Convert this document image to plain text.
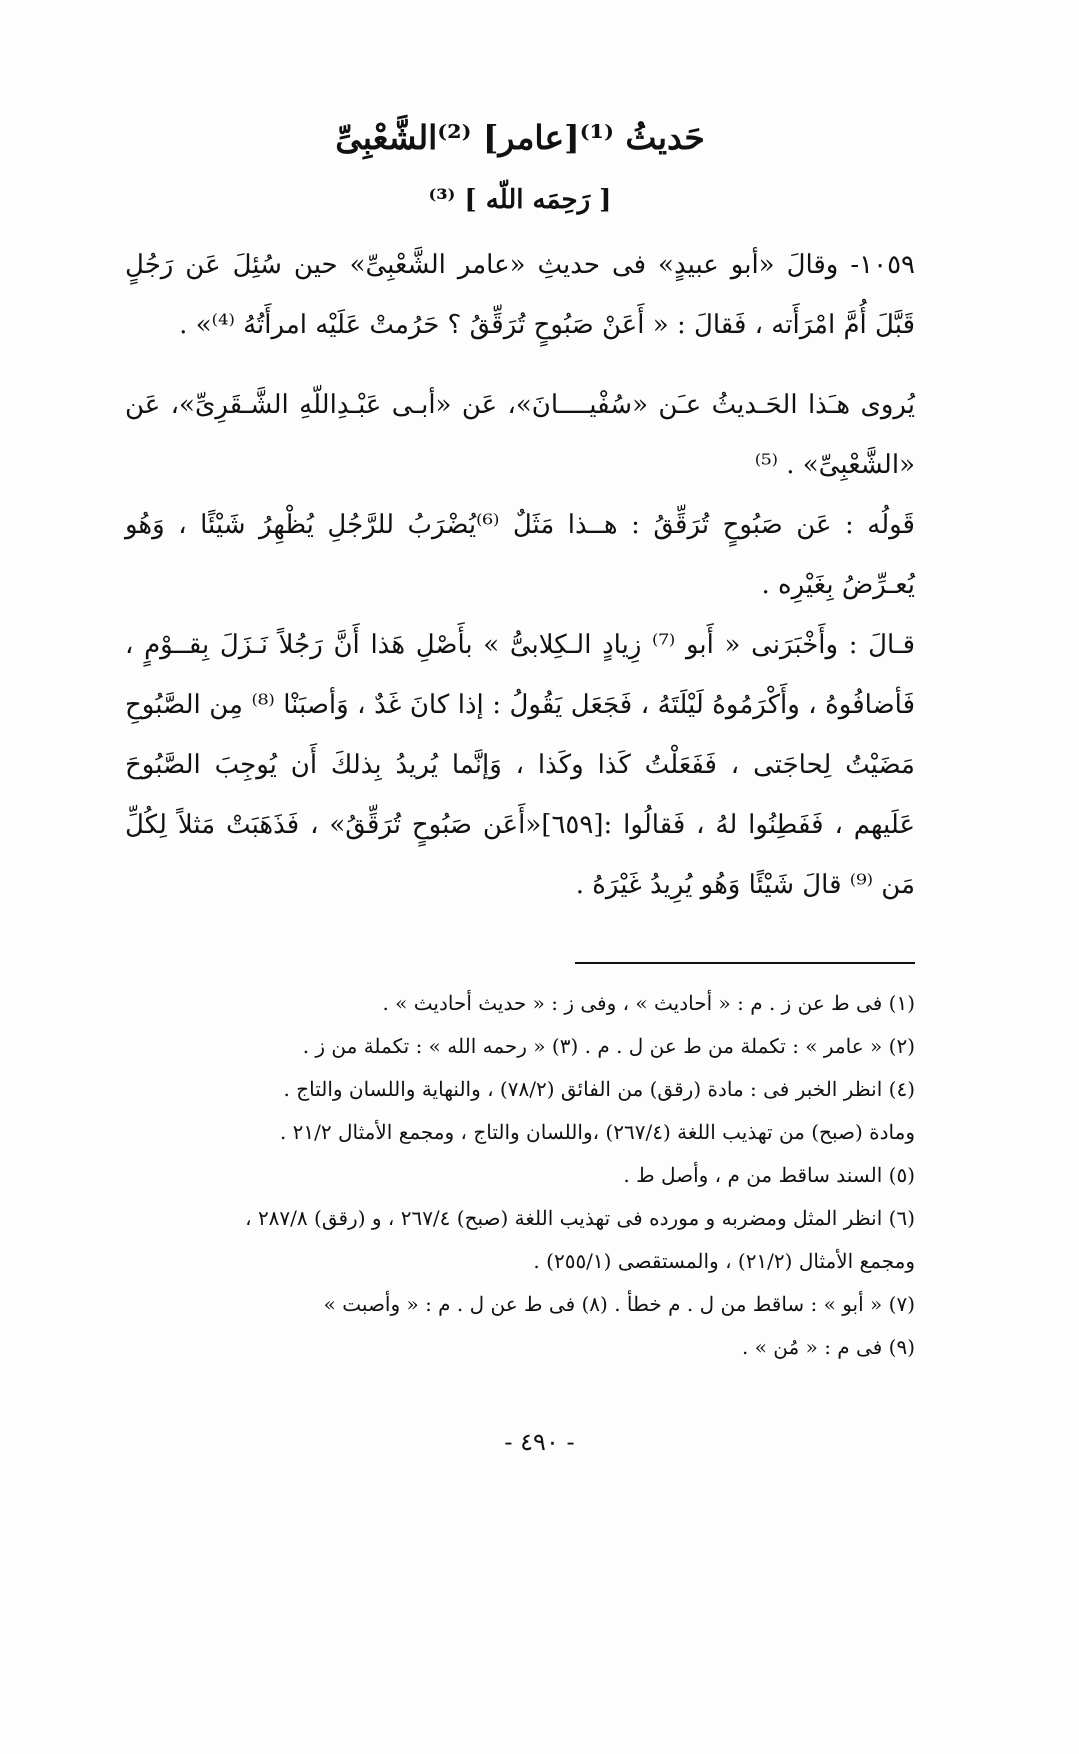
حَديثُ ⁽¹⁾[عامر] ⁽²⁾الشَّعْبِىِّ
[ رَحِمَه اللّه ] ⁽³⁾

١٠٥٩- وقالَ «أبو عبيدٍ» فى حديثِ «عامر الشَّعْبِىِّ» حين سُئِلَ عَن رَجُلٍ قَبَّلَ أُمَّ امْرَأَته ، فَقالَ : « أَعَنْ صَبُوحٍ تُرَقِّقُ ؟ حَرُمتْ عَلَيْه امرأَتُهُ ⁽⁴⁾» .

يُروى هـَذا الحَـديثُ عـَن «سُفْيــــانَ»، عَن «أبـى عَبْـدِاللّهِ الشَّـقَرِىِّ»، عَن «الشَّعْبِىِّ» . ⁽⁵⁾

قَولُه : عَن صَبُوحٍ تُرَقِّقُ : هــذا مَثَلٌ ⁽⁶⁾يُضْرَبُ للرَّجُلِ يُظْهِرُ شَيْئًا ، وَهُو يُعـرِّضُ بِغَيْرِه .

قـالَ : وأَخْبَرَنى « أَبو ⁽⁷⁾ زِيادٍ الـكِلابىُّ » بأَصْلِ هَذا أَنَّ رَجُلاً نَـزَلَ بِقــوْمٍ ، فَأضافُوهُ ، وأَكْرَمُوهُ لَيْلَتَهُ ، فَجَعَل يَقُولُ : إذا كانَ غَدٌ ، وَأصبَنْا ⁽⁸⁾ مِن الصَّبُوحِ مَضَيْتُ لِحاجَتى ، فَفَعَلْتُ كَذا وكَذا ، وَإنَّما يُريدُ بِذلكَ أَن يُوجِبَ الصَّبُوحَ عَلَيهم ، فَفَطِنُوا لهُ ، فَقالُوا :[٦٥٩]«أَعَن صَبُوحٍ تُرَقِّقُ» ، فَذَهَبَتْ مَثلاً لِكُلِّ مَن ⁽⁹⁾ قالَ شَيْئًا وَهُو يُرِيدُ غَيْرَهُ .

(١) فى ط عن ز . م : « أحاديث » ، وفى ز : « حديث أحاديث » .

(٢) « عامر » : تكملة من ط عن ل . م . (٣) « رحمه الله » : تكملة من ز .

(٤) انظر الخبر فى : مادة (رقق) من الفائق (٧٨/٢) ، والنهاية واللسان والتاج .

ومادة (صبح) من تهذيب اللغة (٢٦٧/٤) ،واللسان والتاج ، ومجمع الأمثال ٢١/٢ .

(٥) السند ساقط من م ، وأصل ط .

(٦) انظر المثل ومضربه و مورده فى تهذيب اللغة (صبح) ٢٦٧/٤ ، و (رقق) ٢٨٧/٨ ،

ومجمع الأمثال (٢١/٢) ، والمستقصى (٢٥٥/١) .

(٧) « أبو » : ساقط من ل . م خطأ . (٨) فى ط عن ل . م : « وأصبت »

(٩) فى م : « مُن » .

- ٤٩٠ -
